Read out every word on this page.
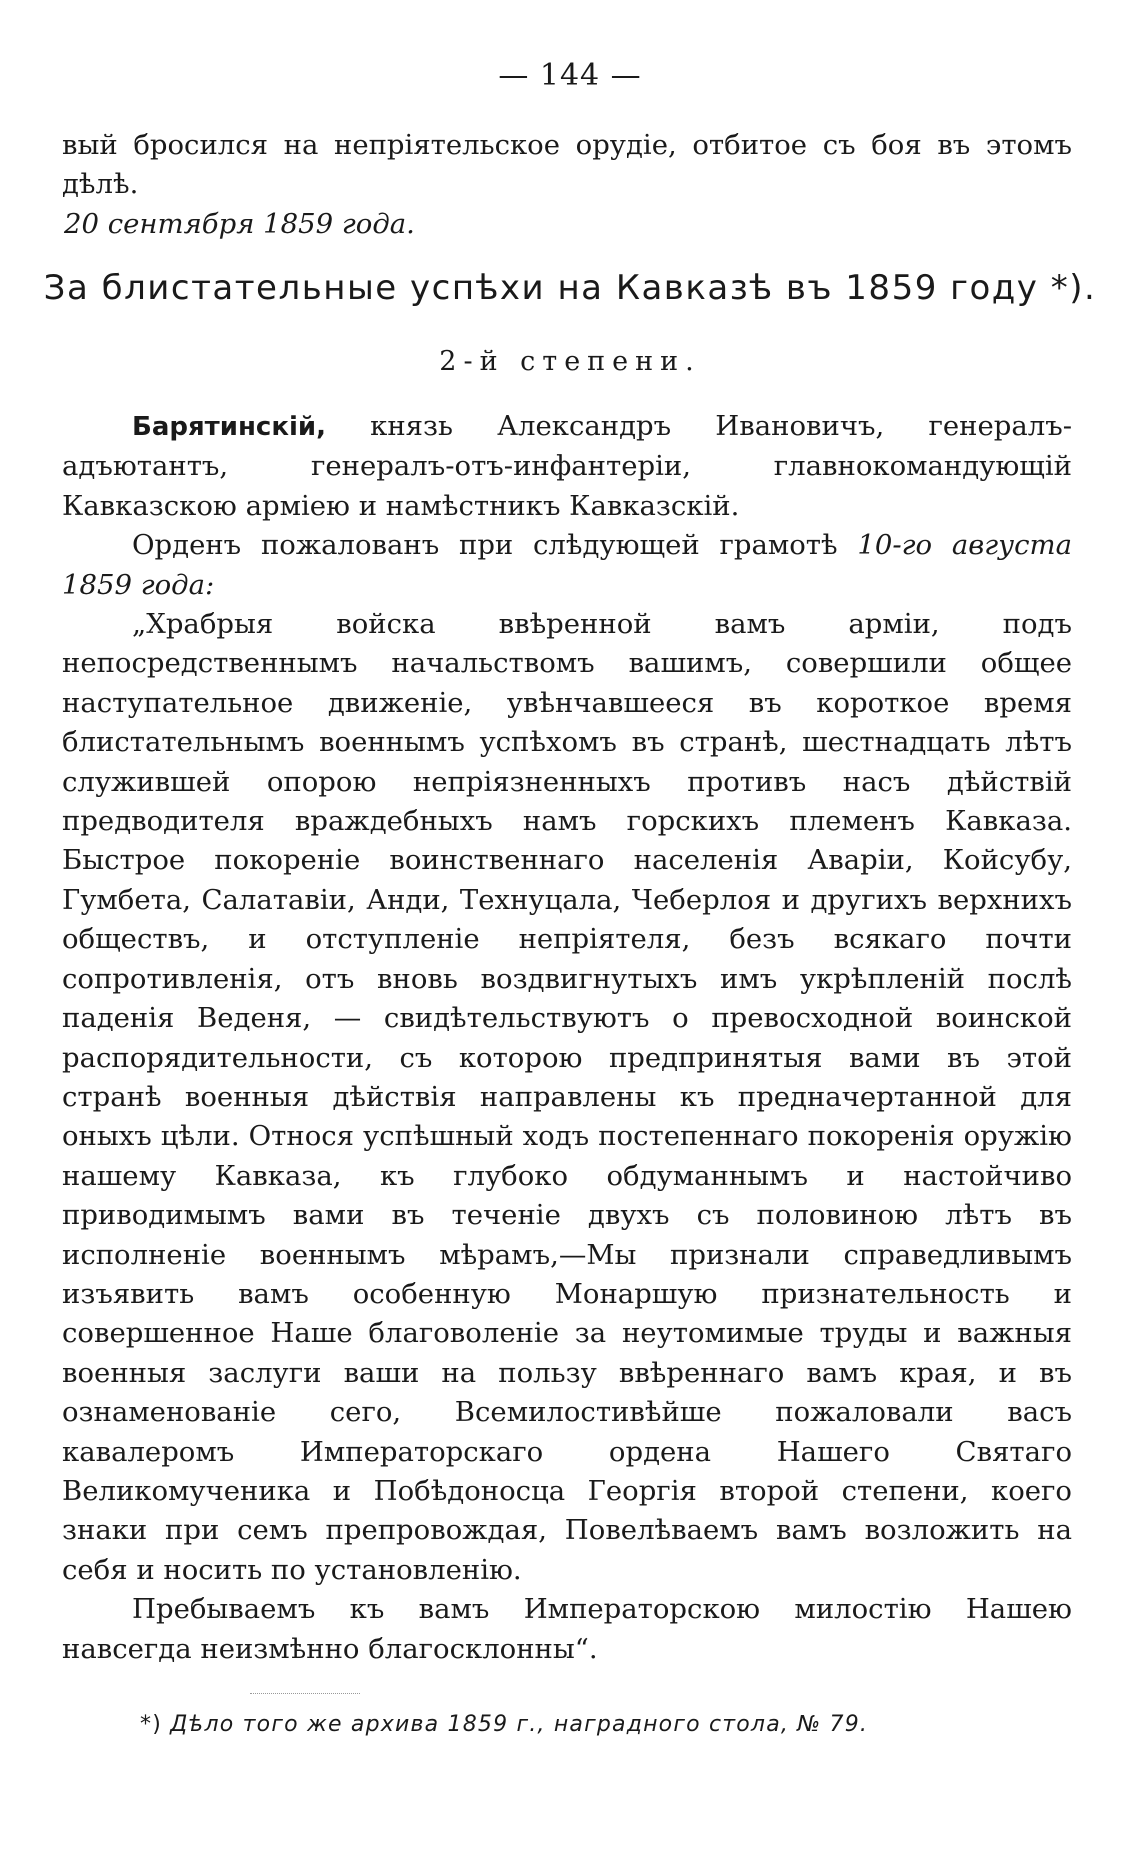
— 144 —

вый бросился на непріятельское орудіе, отбитое съ боя въ этомъ дѣлѣ.

20 сентября 1859 года.

За блистательные успѣхи на Кавказѣ въ 1859 году *).
2-й степени.

Барятинскій, князь Александръ Ивановичъ, генералъ-адъютантъ, генералъ-отъ-инфантеріи, главнокомандующій Кавказскою арміею и намѣстникъ Кавказскій.

Орденъ пожалованъ при слѣдующей грамотѣ 10-го августа 1859 года:

„Храбрыя войска ввѣренной вамъ арміи, подъ непосредственнымъ начальствомъ вашимъ, совершили общее наступательное движеніе, увѣнчавшееся въ короткое время блистательнымъ военнымъ успѣхомъ въ странѣ, шестнадцать лѣтъ служившей опорою непріязненныхъ противъ насъ дѣйствій предводителя враждебныхъ намъ горскихъ племенъ Кавказа. Быстрое покореніе воинственнаго населенія Аваріи, Койсубу, Гумбета, Салатавіи, Анди, Технуцала, Чеберлоя и другихъ верхнихъ обществъ, и отступленіе непріятеля, безъ всякаго почти сопротивленія, отъ вновь воздвигнутыхъ имъ укрѣпленій послѣ паденія Веденя, — свидѣтельствуютъ о превосходной воинской распорядительности, съ которою предпринятыя вами въ этой странѣ военныя дѣйствія направлены къ предначертанной для оныхъ цѣли. Относя успѣшный ходъ постепеннаго покоренія оружію нашему Кавказа, къ глубоко обдуманнымъ и настойчиво приводимымъ вами въ теченіе двухъ съ половиною лѣтъ въ исполненіе военнымъ мѣрамъ,—Мы признали справедливымъ изъявить вамъ особенную Монаршую признательность и совершенное Наше благоволеніе за неутомимые труды и важныя военныя заслуги ваши на пользу ввѣреннаго вамъ края, и въ ознаменованіе сего, Всемилостивѣйше пожаловали васъ кавалеромъ Императорскаго ордена Нашего Святаго Великомученика и Побѣдоносца Георгія второй степени, коего знаки при семъ препровождая, Повелѣваемъ вамъ возложить на себя и носить по установленію.

Пребываемъ къ вамъ Императорскою милостію Нашею навсегда неизмѣнно благосклонны“.

*) Дѣло того же архива 1859 г., наградного стола, № 79.
